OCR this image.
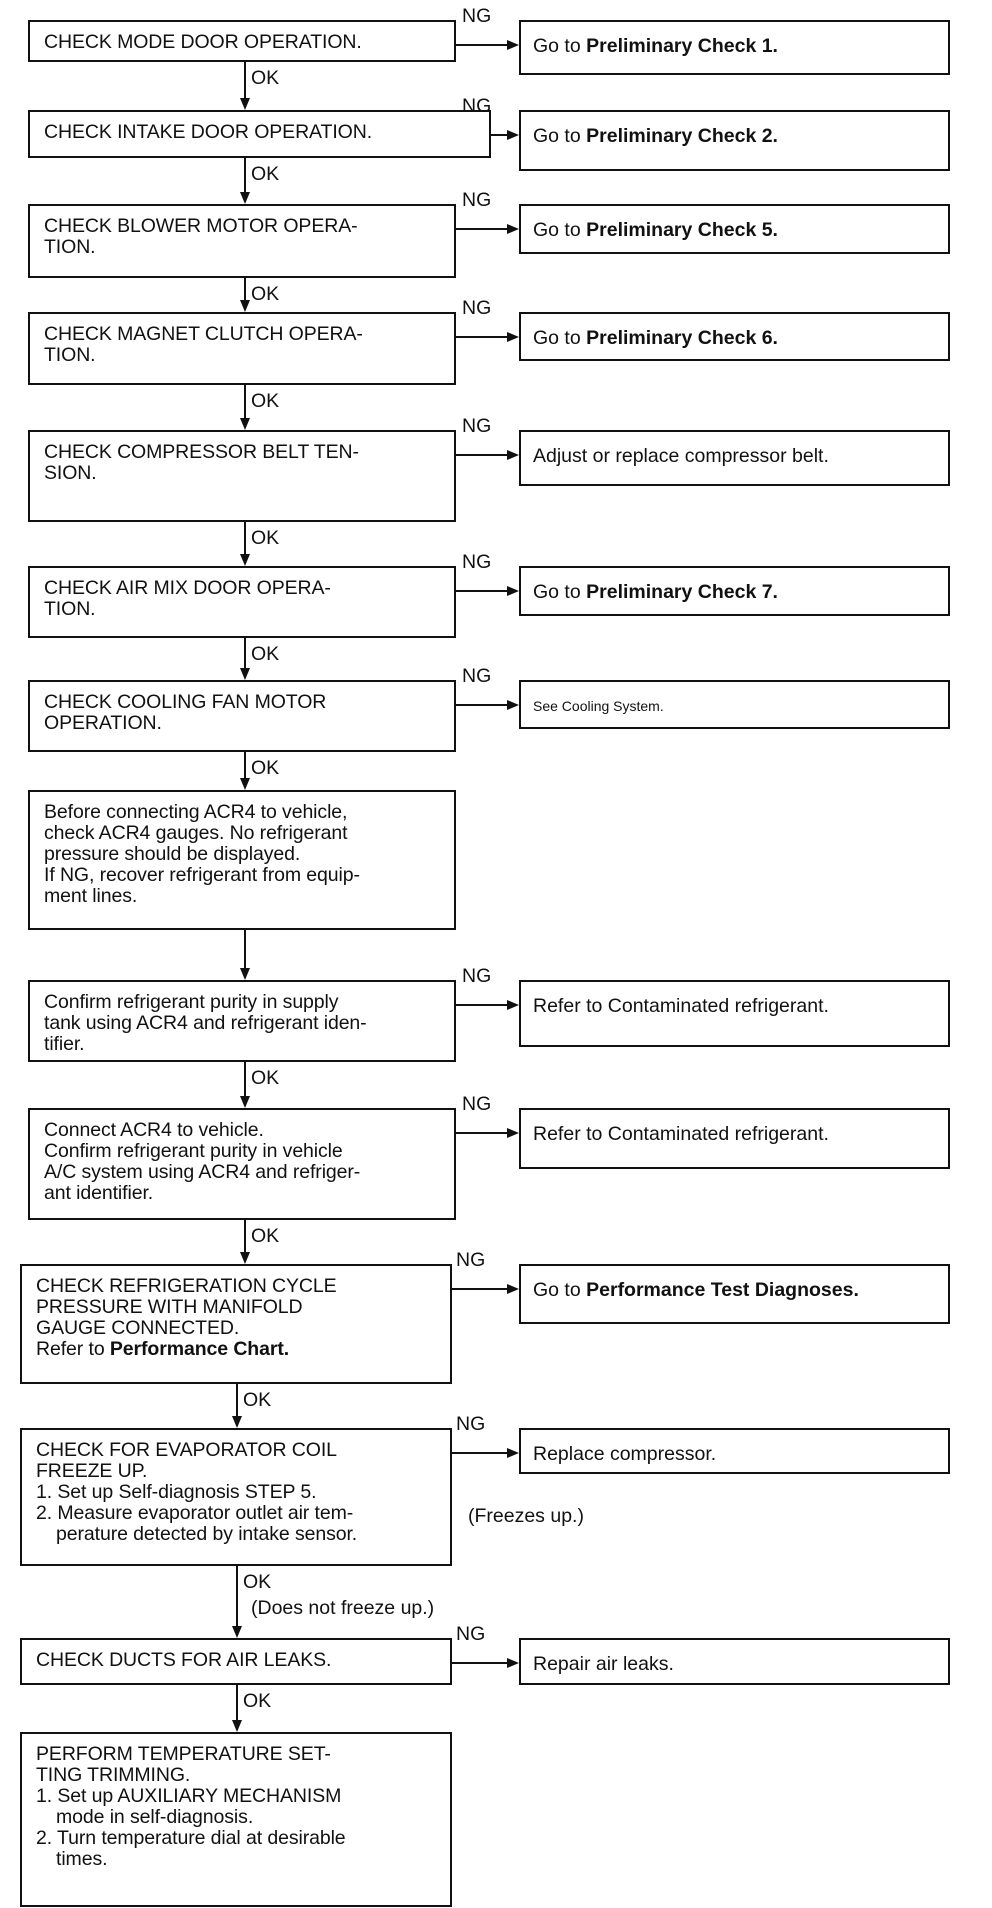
CHECK MODE DOOR OPERATION.	Go to Preliminary Check 1.
NG
OK
CHECK INTAKE DOOR OPERATION.	Go to Preliminary Check 2.
NG
OK
CHECK BLOWER MOTOR OPERA-
TION.
Go to Preliminary Check 5.
NG
OK
CHECK MAGNET CLUTCH OPERA-
TION.
Go to Preliminary Check 6.
NG
OK
CHECK COMPRESSOR BELT TEN-
SION.
Adjust or replace compressor belt.
NG
OK
CHECK AIR MIX DOOR OPERA-
TION.
Go to Preliminary Check 7.
NG
OK
CHECK COOLING FAN MOTOR
OPERATION.
See Cooling System.
NG
OK
Before connecting ACR4 to vehicle,
check ACR4 gauges. No refrigerant
pressure should be displayed.
If NG, recover refrigerant from equip-
ment lines.
Confirm refrigerant purity in supply
tank using ACR4 and refrigerant iden-
tifier.
Refer to Contaminated refrigerant.
NG
OK
Connect ACR4 to vehicle.
Confirm refrigerant purity in vehicle
A/C system using ACR4 and refriger-
ant identifier.
Refer to Contaminated refrigerant.
NG
OK
CHECK REFRIGERATION CYCLE
PRESSURE WITH MANIFOLD
GAUGE CONNECTED.
Refer to Performance Chart.
Go to Performance Test Diagnoses.
NG
OK
CHECK FOR EVAPORATOR COIL
FREEZE UP.
1. Set up Self-diagnosis STEP 5.
2. Measure evaporator outlet air tem-
perature detected by intake sensor.
Replace compressor.
NG
(Freezes up.)
OK
(Does not freeze up.)
CHECK DUCTS FOR AIR LEAKS.	Repair air leaks.
NG
OK
PERFORM TEMPERATURE SET-
TING TRIMMING.
1. Set up AUXILIARY MECHANISM
mode in self-diagnosis.
2. Turn temperature dial at desirable
times.
